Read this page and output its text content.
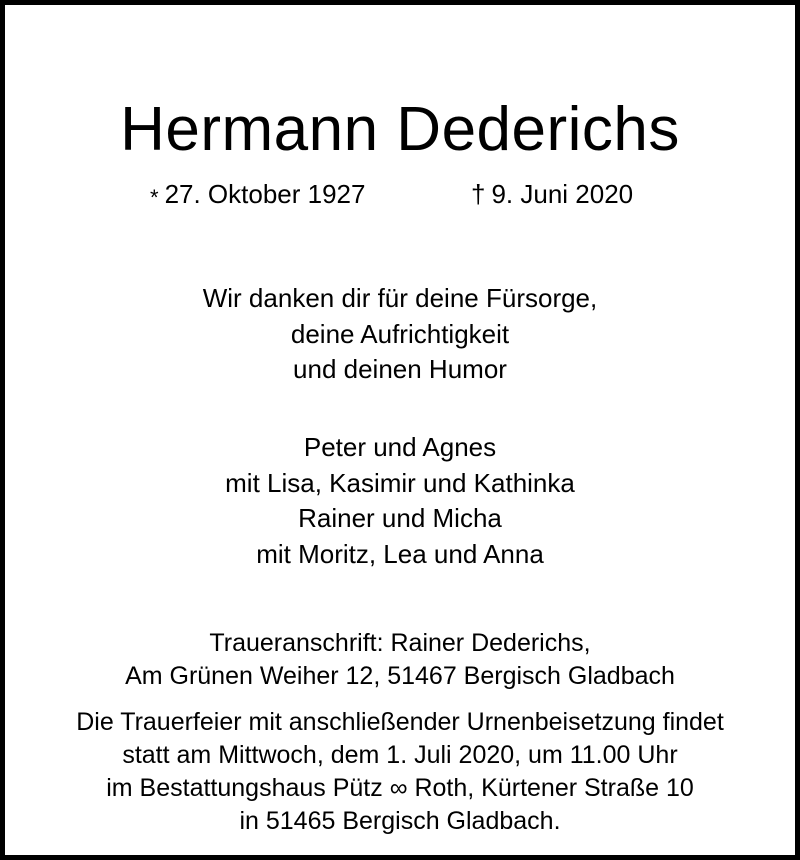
Hermann Dederichs
* 27. Oktober 1927	† 9. Juni 2020
Wir danken dir für deine Fürsorge,
deine Aufrichtigkeit
und deinen Humor
Peter und Agnes
mit Lisa, Kasimir und Kathinka
Rainer und Micha
mit Moritz, Lea und Anna
Traueranschrift: Rainer Dederichs,
Am Grünen Weiher 12, 51467 Bergisch Gladbach
Die Trauerfeier mit anschließender Urnenbeisetzung findet
statt am Mittwoch, dem 1. Juli 2020, um 11.00 Uhr
im Bestattungshaus Pütz ∞ Roth, Kürtener Straße 10
in 51465 Bergisch Gladbach.
